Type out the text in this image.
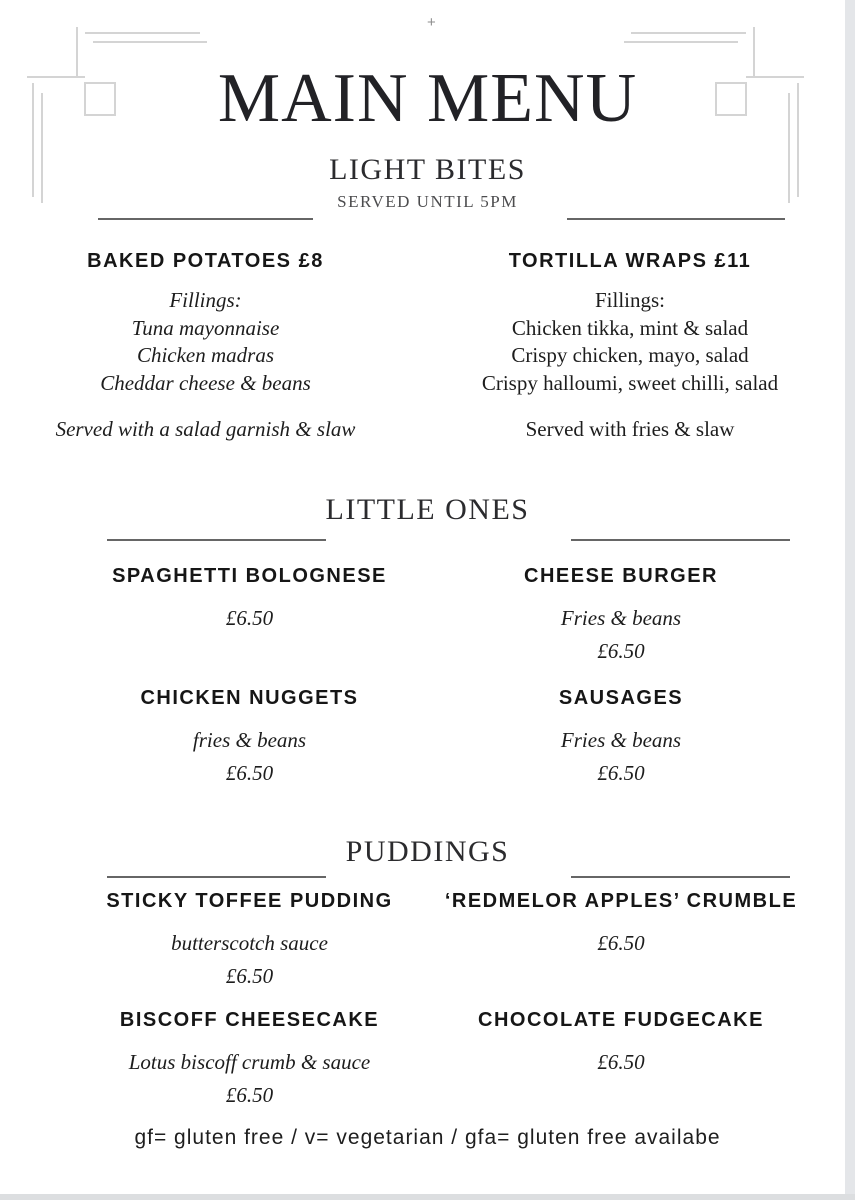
+
MAIN MENU
LIGHT BITES
SERVED UNTIL 5PM
BAKED POTATOES £8
Fillings:
Tuna mayonnaise
Chicken madras
Cheddar cheese & beans
Served with a salad garnish & slaw
TORTILLA WRAPS £11
Fillings:
Chicken tikka, mint & salad
Crispy chicken, mayo, salad
Crispy halloumi, sweet chilli, salad
Served with fries & slaw
LITTLE ONES
SPAGHETTI BOLOGNESE
£6.50
CHEESE BURGER
Fries & beans
£6.50
CHICKEN NUGGETS
fries & beans
£6.50
SAUSAGES
Fries & beans
£6.50
PUDDINGS
STICKY TOFFEE PUDDING
butterscotch sauce
£6.50
‘REDMELOR APPLES’ CRUMBLE
£6.50
BISCOFF CHEESECAKE
Lotus biscoff crumb & sauce
£6.50
CHOCOLATE FUDGECAKE
£6.50
gf= gluten free / v= vegetarian / gfa= gluten free availabe
